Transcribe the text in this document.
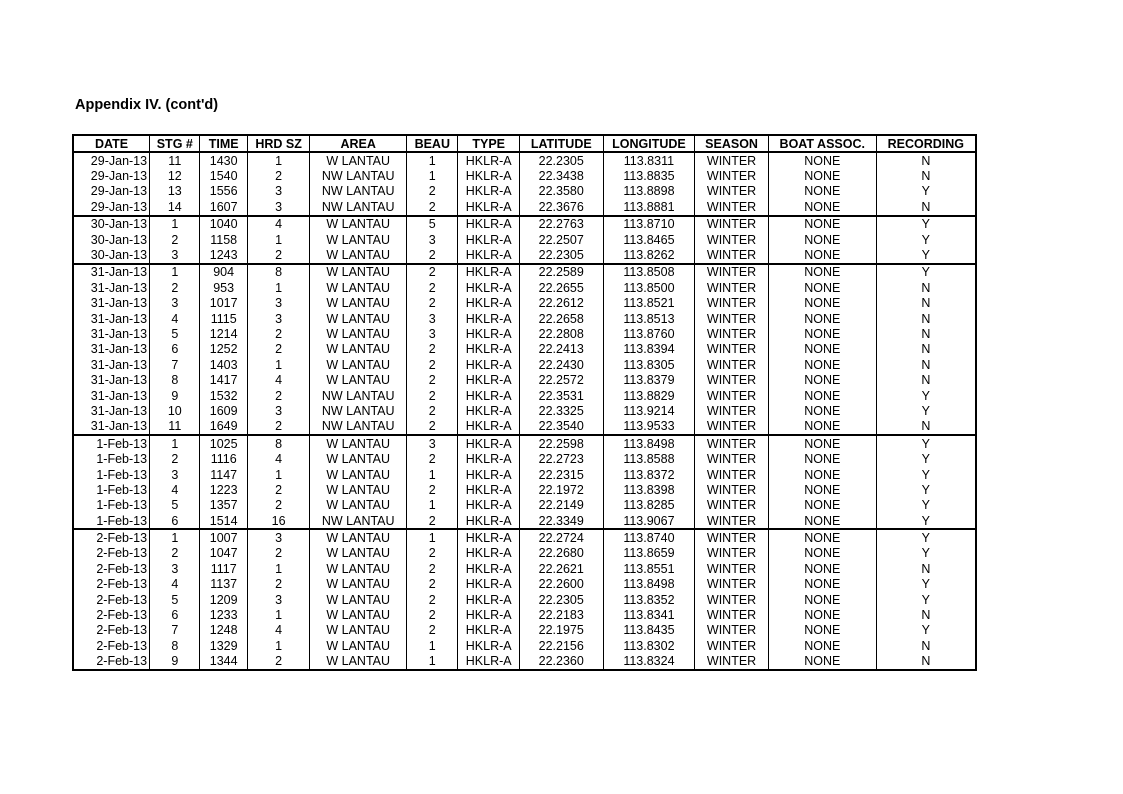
Appendix IV. (cont'd)
DATE	STG #	TIME	HRD SZ	AREA	BEAU	TYPE	LATITUDE	LONGITUDE	SEASON	BOAT ASSOC.	RECORDING
29-Jan-13	11	1430	1	W LANTAU	1	HKLR-A	22.2305	113.8311	WINTER	NONE	N
29-Jan-13	12	1540	2	NW LANTAU	1	HKLR-A	22.3438	113.8835	WINTER	NONE	N
29-Jan-13	13	1556	3	NW LANTAU	2	HKLR-A	22.3580	113.8898	WINTER	NONE	Y
29-Jan-13	14	1607	3	NW LANTAU	2	HKLR-A	22.3676	113.8881	WINTER	NONE	N
30-Jan-13	1	1040	4	W LANTAU	5	HKLR-A	22.2763	113.8710	WINTER	NONE	Y
30-Jan-13	2	1158	1	W LANTAU	3	HKLR-A	22.2507	113.8465	WINTER	NONE	Y
30-Jan-13	3	1243	2	W LANTAU	2	HKLR-A	22.2305	113.8262	WINTER	NONE	Y
31-Jan-13	1	904	8	W LANTAU	2	HKLR-A	22.2589	113.8508	WINTER	NONE	Y
31-Jan-13	2	953	1	W LANTAU	2	HKLR-A	22.2655	113.8500	WINTER	NONE	N
31-Jan-13	3	1017	3	W LANTAU	2	HKLR-A	22.2612	113.8521	WINTER	NONE	N
31-Jan-13	4	1115	3	W LANTAU	3	HKLR-A	22.2658	113.8513	WINTER	NONE	N
31-Jan-13	5	1214	2	W LANTAU	3	HKLR-A	22.2808	113.8760	WINTER	NONE	N
31-Jan-13	6	1252	2	W LANTAU	2	HKLR-A	22.2413	113.8394	WINTER	NONE	N
31-Jan-13	7	1403	1	W LANTAU	2	HKLR-A	22.2430	113.8305	WINTER	NONE	N
31-Jan-13	8	1417	4	W LANTAU	2	HKLR-A	22.2572	113.8379	WINTER	NONE	N
31-Jan-13	9	1532	2	NW LANTAU	2	HKLR-A	22.3531	113.8829	WINTER	NONE	Y
31-Jan-13	10	1609	3	NW LANTAU	2	HKLR-A	22.3325	113.9214	WINTER	NONE	Y
31-Jan-13	11	1649	2	NW LANTAU	2	HKLR-A	22.3540	113.9533	WINTER	NONE	N
1-Feb-13	1	1025	8	W LANTAU	3	HKLR-A	22.2598	113.8498	WINTER	NONE	Y
1-Feb-13	2	1116	4	W LANTAU	2	HKLR-A	22.2723	113.8588	WINTER	NONE	Y
1-Feb-13	3	1147	1	W LANTAU	1	HKLR-A	22.2315	113.8372	WINTER	NONE	Y
1-Feb-13	4	1223	2	W LANTAU	2	HKLR-A	22.1972	113.8398	WINTER	NONE	Y
1-Feb-13	5	1357	2	W LANTAU	1	HKLR-A	22.2149	113.8285	WINTER	NONE	Y
1-Feb-13	6	1514	16	NW LANTAU	2	HKLR-A	22.3349	113.9067	WINTER	NONE	Y
2-Feb-13	1	1007	3	W LANTAU	1	HKLR-A	22.2724	113.8740	WINTER	NONE	Y
2-Feb-13	2	1047	2	W LANTAU	2	HKLR-A	22.2680	113.8659	WINTER	NONE	Y
2-Feb-13	3	1117	1	W LANTAU	2	HKLR-A	22.2621	113.8551	WINTER	NONE	N
2-Feb-13	4	1137	2	W LANTAU	2	HKLR-A	22.2600	113.8498	WINTER	NONE	Y
2-Feb-13	5	1209	3	W LANTAU	2	HKLR-A	22.2305	113.8352	WINTER	NONE	Y
2-Feb-13	6	1233	1	W LANTAU	2	HKLR-A	22.2183	113.8341	WINTER	NONE	N
2-Feb-13	7	1248	4	W LANTAU	2	HKLR-A	22.1975	113.8435	WINTER	NONE	Y
2-Feb-13	8	1329	1	W LANTAU	1	HKLR-A	22.2156	113.8302	WINTER	NONE	N
2-Feb-13	9	1344	2	W LANTAU	1	HKLR-A	22.2360	113.8324	WINTER	NONE	N
